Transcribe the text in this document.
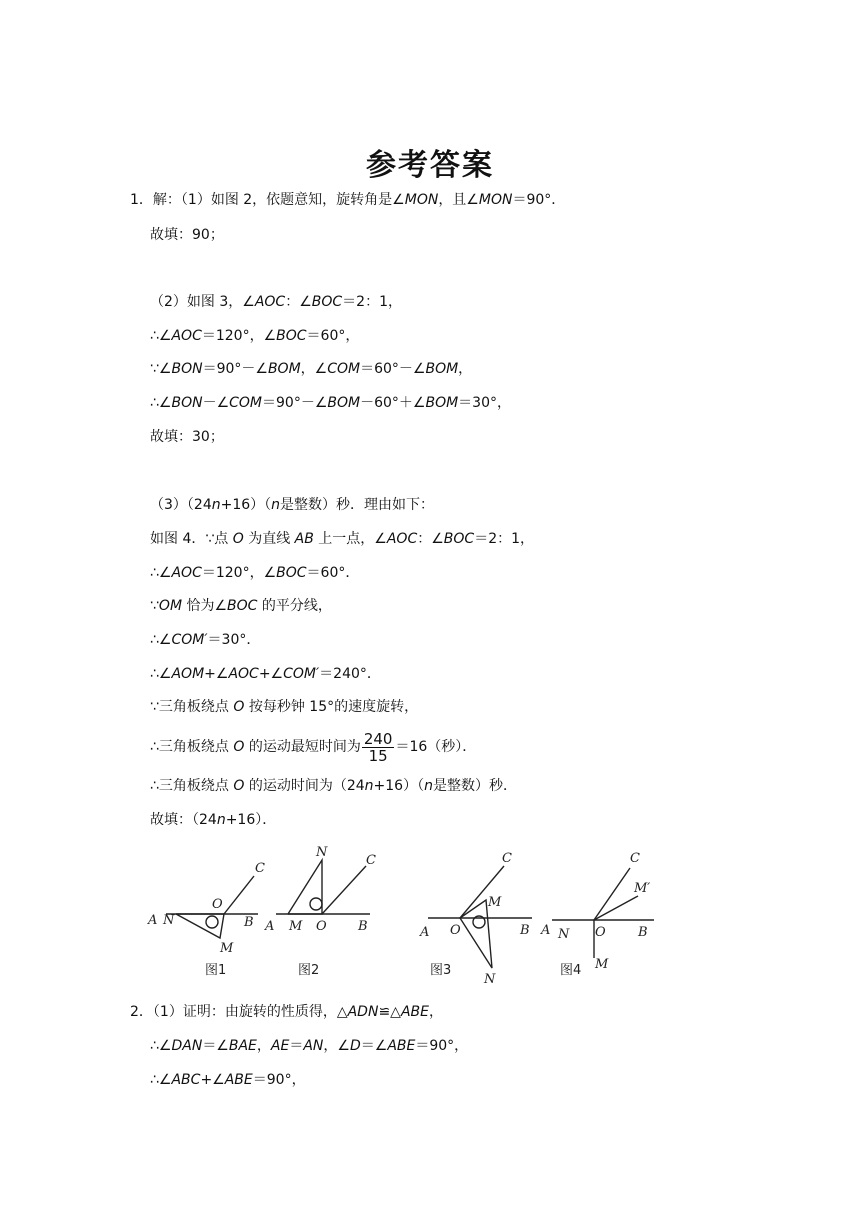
参考答案
1．解：（1）如图 2，依题意知，旋转角是∠MON，且∠MON＝90°．
故填：90；
（2）如图 3，∠AOC：∠BOC＝2：1，
∴∠AOC＝120°，∠BOC＝60°，
∵∠BON＝90°－∠BOM，∠COM＝60°－∠BOM，
∴∠BON－∠COM＝90°－∠BOM－60°＋∠BOM＝30°，
故填：30；
（3）（24n+16）（n是整数）秒．理由如下：
如图 4．∵点 O 为直线 AB 上一点，∠AOC：∠BOC＝2：1，
∴∠AOC＝120°，∠BOC＝60°．
∵OM 恰为∠BOC 的平分线，
∴∠COM′＝30°．
∴∠AOM+∠AOC+∠COM′＝240°．
∵三角板绕点 O 按每秒钟 15°的速度旋转，
∴三角板绕点 O 的运动最短时间为 $\frac{240}{15} =16$（秒）．
∴三角板绕点 O 的运动时间为（24n+16）（n是整数）秒．
故填：（24n+16）．
A N
O
B
C
M
A M O B
C
N
A O	B
C
M
N
A N O B
C
M′
M
图1	图2	图3	图4
2．（1）证明：由旋转的性质得，△ADN≌△ABE，
∴∠DAN＝∠BAE，AE＝AN，∠D＝∠ABE＝90°，
∴∠ABC+∠ABE＝90°，
